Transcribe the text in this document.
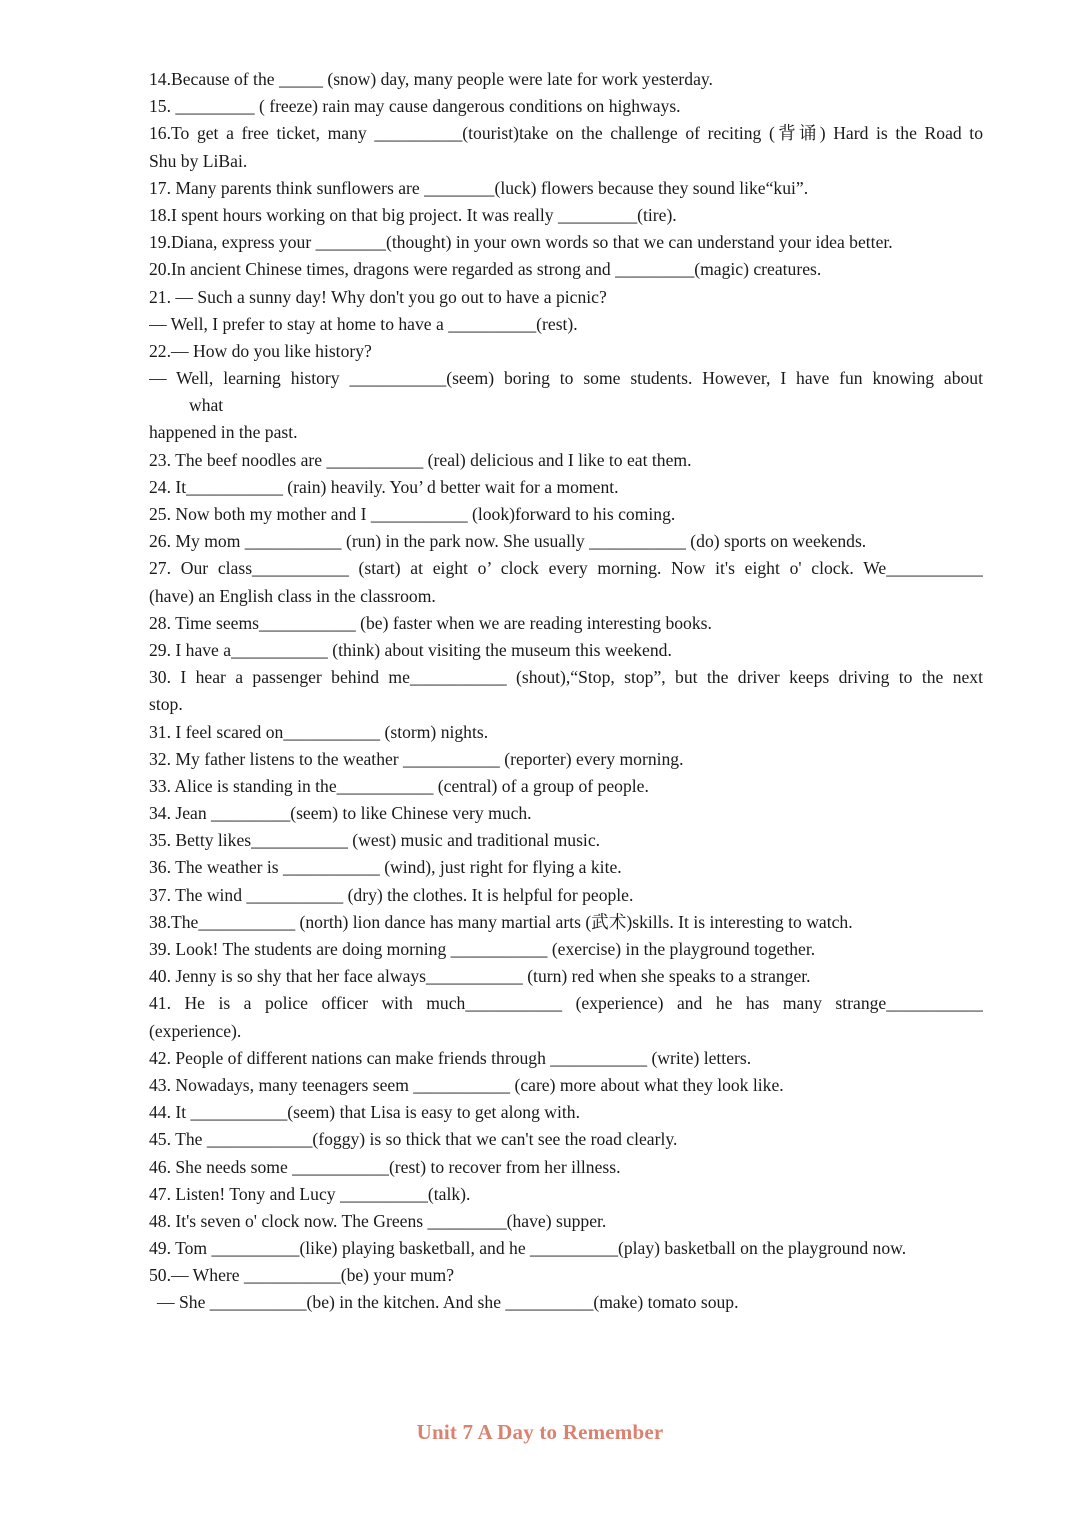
14.Because of the _____ (snow) day, many people were late for work yesterday.
15. _________ ( freeze) rain may cause dangerous conditions on highways.
16.To get a free ticket, many __________(tourist)take on the challenge of reciting (背诵) Hard is the Road to
Shu by LiBai.
17. Many parents think sunflowers are ________(luck) flowers because they sound like“kui”.
18.I spent hours working on that big project. It was really _________(tire).
19.Diana, express your ________(thought) in your own words so that we can understand your idea better.
20.In ancient Chinese times, dragons were regarded as strong and _________(magic) creatures.
21. — Such a sunny day! Why don't you go out to have a picnic?
— Well, I prefer to stay at home to have a __________(rest).
22.— How do you like history?
— Well, learning history ___________(seem) boring to some students. However, I have fun knowing about
what
happened in the past.
23. The beef noodles are ___________ (real) delicious and I like to eat them.
24. It___________ (rain) heavily. You’ d better wait for a moment.
25. Now both my mother and I ___________ (look)forward to his coming.
26. My mom ___________ (run) in the park now. She usually ___________ (do) sports on weekends.
27. Our class___________ (start) at eight o’ clock every morning. Now it's eight o' clock. We___________
(have) an English class in the classroom.
28. Time seems___________ (be) faster when we are reading interesting books.
29. I have a___________ (think) about visiting the museum this weekend.
30. I hear a passenger behind me___________ (shout),“Stop, stop”, but the driver keeps driving to the next
stop.
31. I feel scared on___________ (storm) nights.
32. My father listens to the weather ___________ (reporter) every morning.
33. Alice is standing in the___________ (central) of a group of people.
34. Jean _________(seem) to like Chinese very much.
35. Betty likes___________ (west) music and traditional music.
36. The weather is ___________ (wind), just right for flying a kite.
37. The wind ___________ (dry) the clothes. It is helpful for people.
38.The___________ (north) lion dance has many martial arts (武术)skills. It is interesting to watch.
39. Look! The students are doing morning ___________ (exercise) in the playground together.
40. Jenny is so shy that her face always___________ (turn) red when she speaks to a stranger.
41. He is a police officer with much___________ (experience) and he has many strange___________
(experience).
42. People of different nations can make friends through ___________ (write) letters.
43. Nowadays, many teenagers seem ___________ (care) more about what they look like.
44. It ___________(seem) that Lisa is easy to get along with.
45. The ____________(foggy) is so thick that we can't see the road clearly.
46. She needs some ___________(rest) to recover from her illness.
47. Listen! Tony and Lucy __________(talk).
48. It's seven o' clock now. The Greens _________(have) supper.
49. Tom __________(like) playing basketball, and he __________(play) basketball on the playground now.
50.— Where ___________(be) your mum?
— She ___________(be) in the kitchen. And she __________(make) tomato soup.
Unit 7 A Day to Remember
